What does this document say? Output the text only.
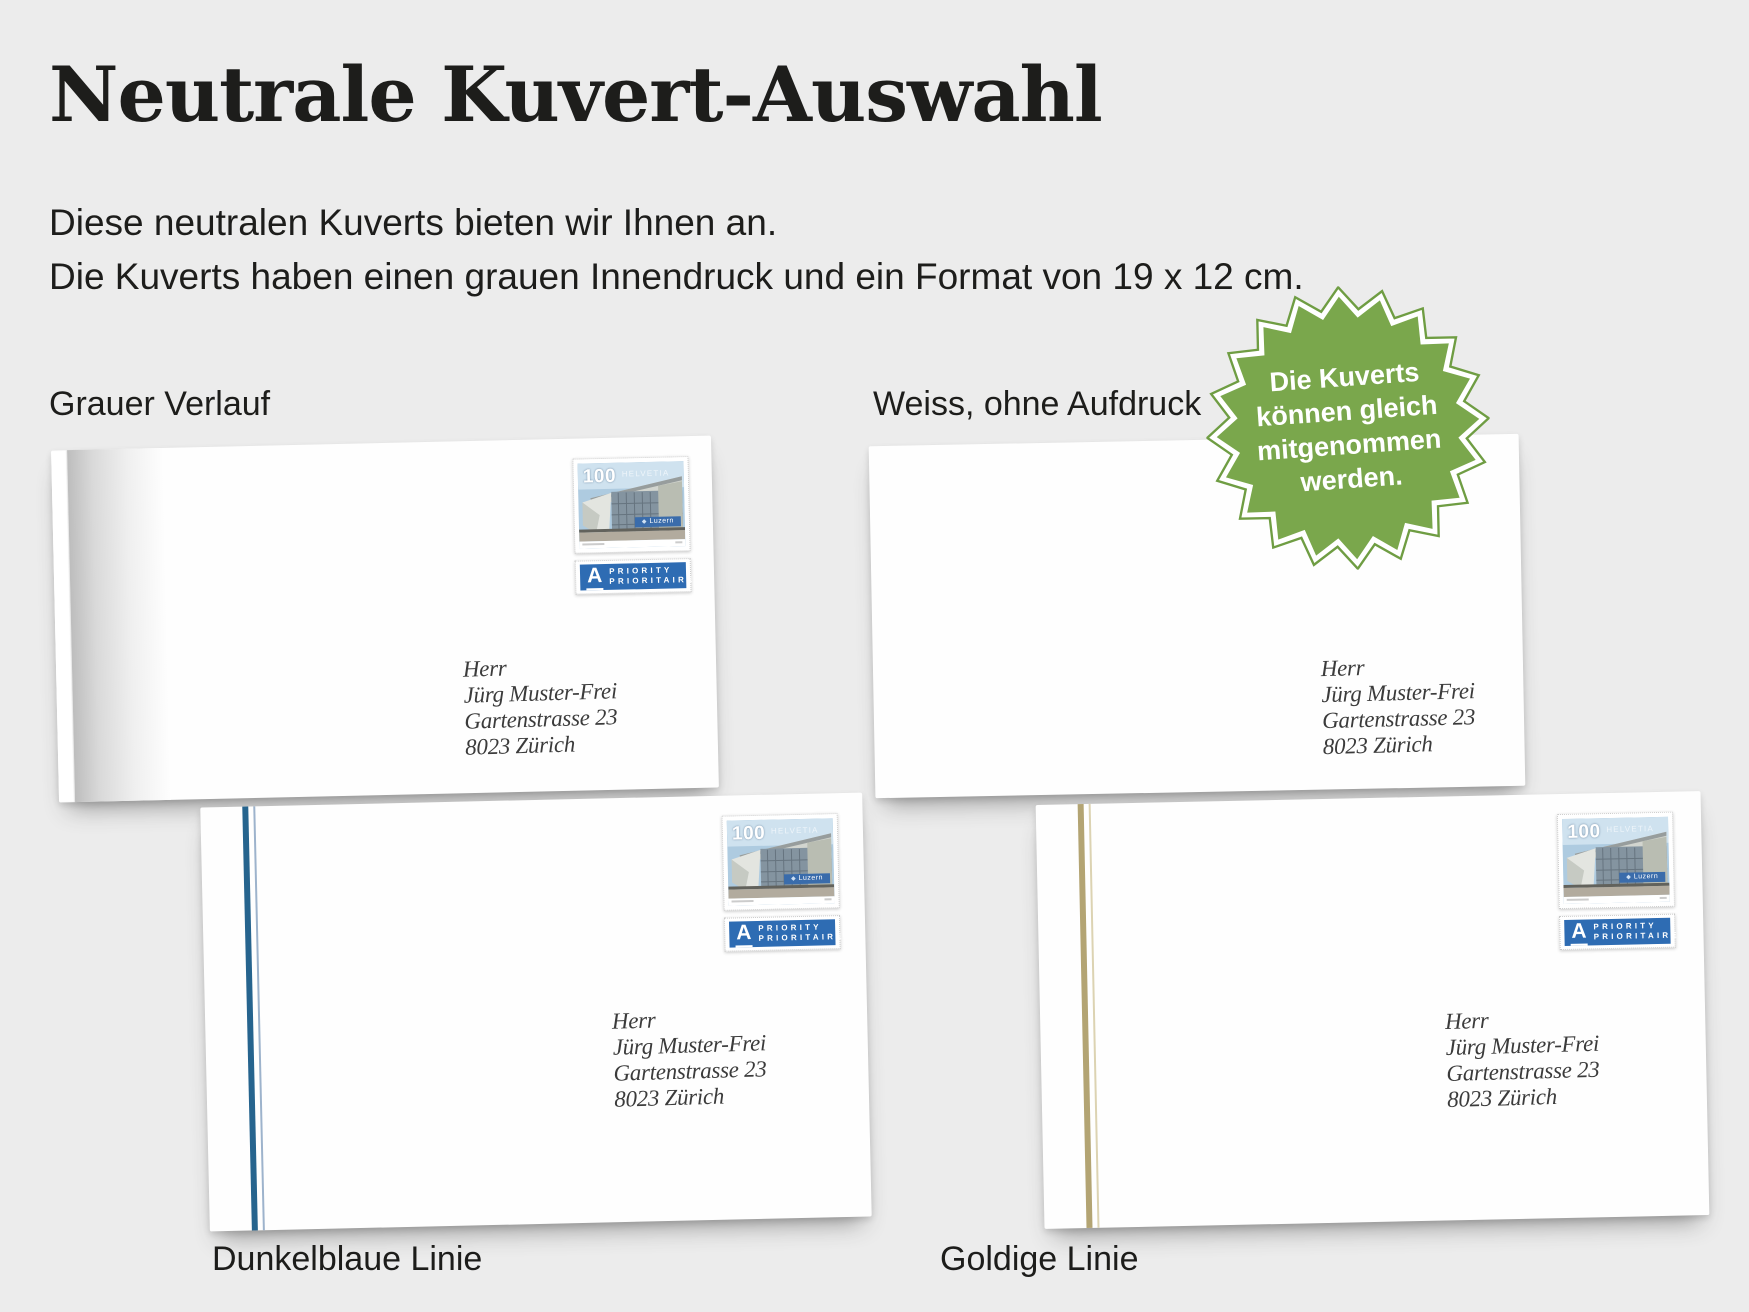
Neutrale Kuvert-Auswahl
Diese neutralen Kuverts bieten wir Ihnen an.
Die Kuverts haben einen grauen Innendruck und ein Format von 19 x 12 cm.
Grauer Verlauf	Weiss, ohne Aufdruck
100 HELVETIA
◆ Luzern
A PRIORITY
PRIORITAIRE
Herr
Jürg Muster-Frei
Gartenstrasse 23
8023 Zürich
Herr
Jürg Muster-Frei
Gartenstrasse 23
8023 Zürich
100 HELVETIA
◆ Luzern
A PRIORITY
PRIORITAIRE
Herr
Jürg Muster-Frei
Gartenstrasse 23
8023 Zürich
100 HELVETIA
◆ Luzern
A PRIORITY
PRIORITAIRE
Herr
Jürg Muster-Frei
Gartenstrasse 23
8023 Zürich
Dunkelblaue Linie	Goldige Linie
Die Kuverts
können gleich
mitgenommen
werden.
